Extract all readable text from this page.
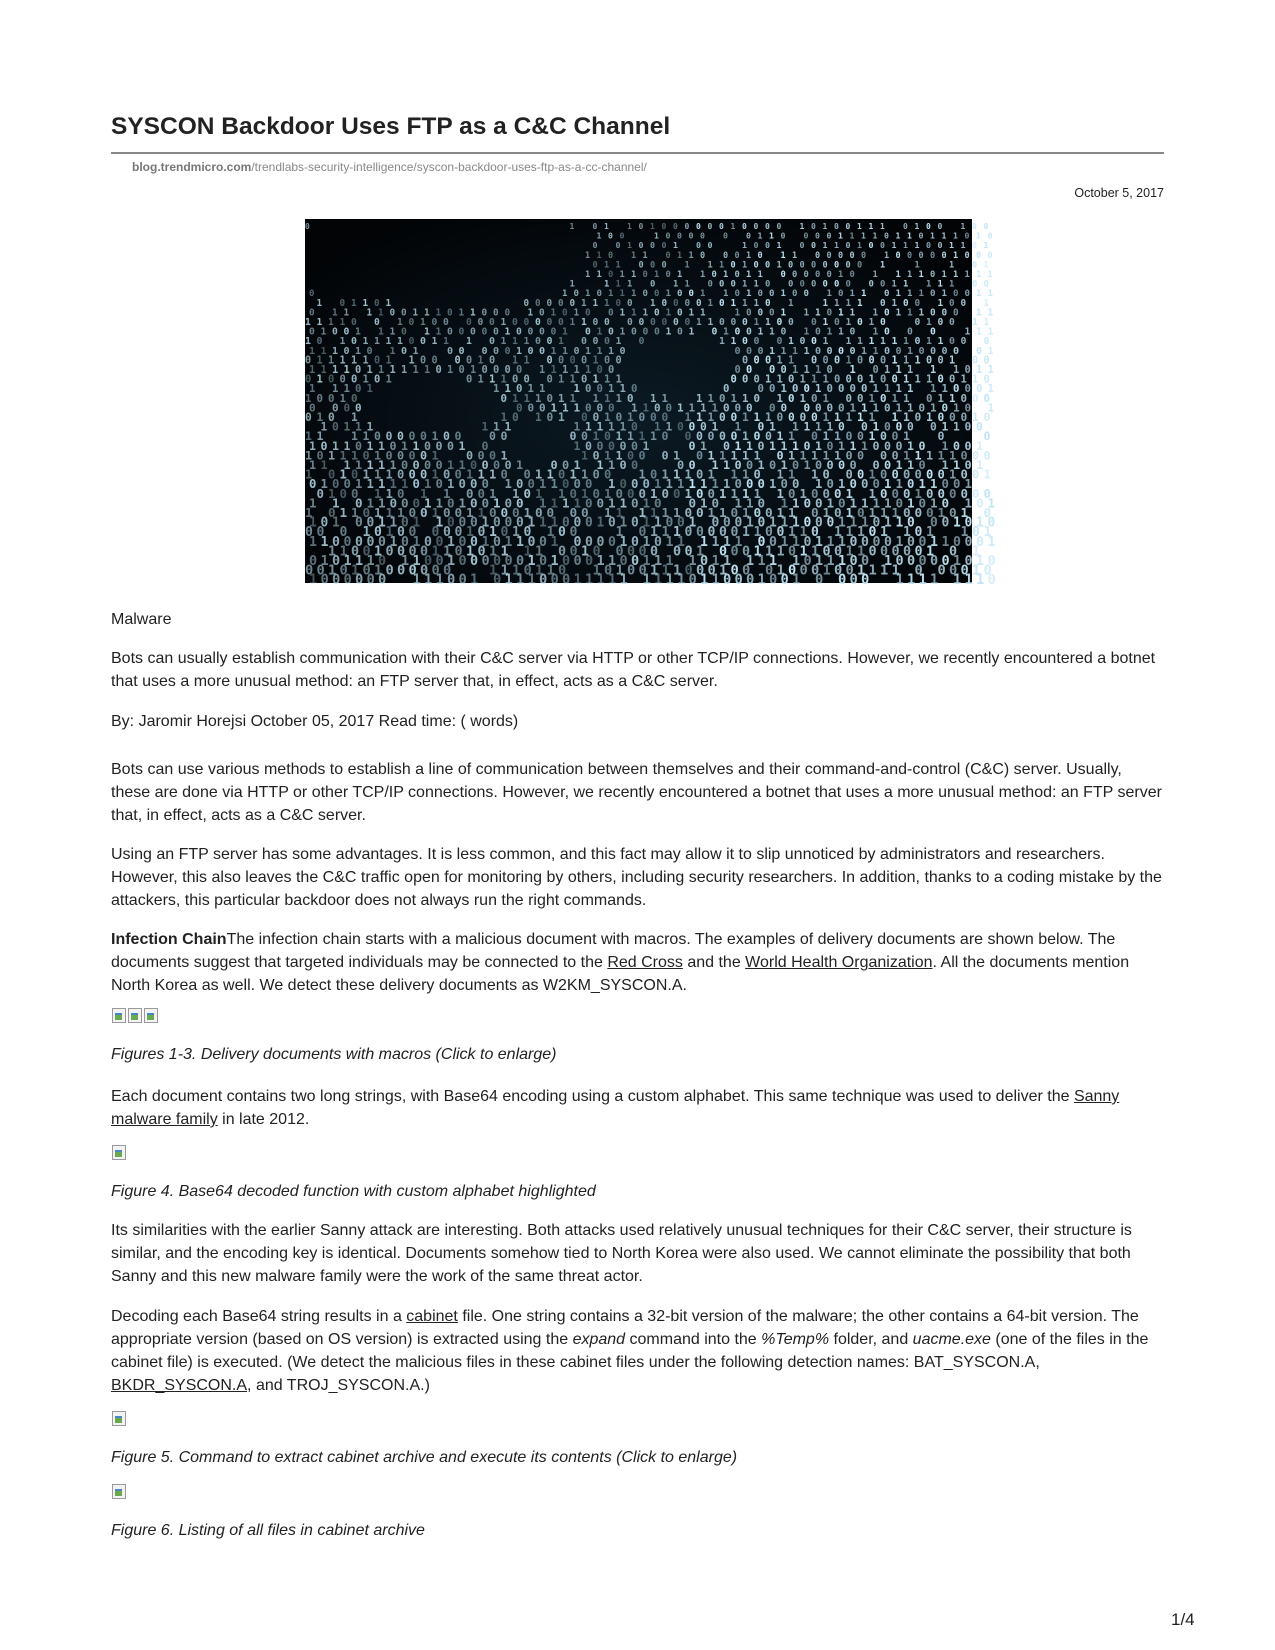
SYSCON Backdoor Uses FTP as a C&C Channel
blog.trendmicro.com/trendlabs-security-intelligence/syscon-backdoor-uses-ftp-as-a-cc-channel/
October 5, 2017
0	1 0 1 1 0 1 0 0 0 0 0 0 1 0 0 0 0 1 0 1 0 0 1 1 1 0 1 0 0 1 0 0
1 0 0	1 0 0 0 0 0 0 1 1 0 0 0 0 1 1 1 1 0 1 1 0 1 1 1 0 1 0
0 0 1 0 0 0 1 0 0	1 0 0 1 0 0 1 1 0 1 0 0 1 1 1 0 0 1 1 0 1
1 1 0 1 1 0 1 1 0 0 0 1 0 1 1 0 0 0 0 0 1 0 0 0 0 0 1 0 0 0
0 1 1 0 0 0 1 1 1 0 1 0 0 1 0 0 0 0 0 0 0 1	1	1 0 1
1 1 0 1 1 0 1 0 1 1 0 1 0 1 1 0 0 0 0 0 1 0 1 1 1 1 0 1 1 1 1 1
1	1 1 1 0 1 1 0 0 0 1 1 0 0 0 0 0 0 0 0 0 1 1 1 1 1 0 0
0	1 0 1 0 1 1 1 0 0 1 0 0 1 1 0 1 0 0 1 0 0 1 0 1 1 0 1 1 1 0 1 0 0 1 1
1 0 1 1 0 1	0 0 0 0 0 1 1 1 0 0 1 0 0 0 0 1 0 1 1 1 0 1	1 1 1 1 0 1 0 0 1 0 0 1
0 1 1 1 1 0 0 1 1 1 0 1 1 0 0 0 1 0 1 0 1 0 0 1 1 1 0 1 0 1 1	1 0 0 0 1 1 1 0 1 1 1 0 1 1 1 0 0 0 1 1
1 1 1 1 0 0 1 0 1 0 0 0 0 0 1 0 0 0 0 0 1 1 0 0 0 0 0 0 0 0 1 1 0 0 0 1 1 0 0 0 1 0 1 0 1 0	0 1 0 0 1 1
0 1 0 0 1 1 1 0 1 1 0 0 0 0 0 1 0 0 0 0 1 0 1 0 1 0 0 0 1 0 1 0 1 0 0 1 1 0 1 0 1 1 0 1 0 0 0	1 1 1
1 0 1 0 1 1 1 1 0 0 1 1 1 0 1 1 1 0 0 1 0 0 0 1 0	1 1 0 0 0 1 0 0 1 1 1 1 1 1 1 0 1 1 0 0 0
1 1 1 0 1 0 1 0 1	0 0 0 0 0 1 0 0 1 1 0 1 1 1 0	0 0 0 1 1 1 1 0 0 0 0 1 1 0 0 1 0 0 0 0 0 1
0 1 1 1 1 1 0 1 1 0 0 0 0 1 0 1 1 0 0 0 0 1 0 0	0 0 0 1 1 0 0 0 1 0 0 0 1 1 1 0 0 1 0 0
1 1 1 1 0 1 1 1 1 1 1 0 1 0 1 0 0 0 0 1 1 1 1 1 0 0	0 0 0 0 1 1 1 0 1 0 1 1 1 1 1 0 1 1
0 1 0 0 0 1 0 1	0 1 1 1 0 0 0 1 1 0 1 1 1	0 0 0 1 1 0 1 1 1 0 0 0 1 0 0 1 1 1 0 0 1 1 0
1 1 1 0 1	1 1 0 1 1	1 0 0 1 1 0	0	0 0 1 0 0 1 0 0 0 0 1 1 1 1 1 1 0 0 0 1
1 0 0 1 0	0 1 1 1 0 1 1 1 1 1 0 1 1	1 1 0 1 1 0 1 0 1 0 1 0 0 1 0 1 1 0 1 1 0 0 0
0 0 0 0	0 0 0 1 1 1 0 0 0 1 1 0 0 1 1 1 1 0 0 0 0 0 0 0 0 0 1 1 1 0 1 1 0 1 0 1 0 1
0 1 0 1	1 0 1 0 1 0 0 1 0 1 0 0 0 1 1 1 0 0 1 1 1 0 0 0 0 1 1 1 1 1 1 1 0 1 0 0 0 1 0
1 0 1 1 1	1 1 1	1 1 1 1 1 0 1 1 0 0 0 1 1 0 1 1 1 1 1 0 0 1 0 0 0 0 1 1 0 0
1 1 1 1 0 0 0 0 0 1 0 0 0 0	0 0 1 0 1 1 1 1 0 0 0 0 0 0 1 0 0 1 1 0 1 1 0 0 1 0 0 1 0	0
1 0 1 1 0 1 1 0 1 1 0 0 0 1 0	1 0 0 0 0 0 1	0 1 0 1 1 0 1 1 1 0 1 0 1 1 1 0 0 0 1 0 1 0 0 1
1 0 1 1 1 0 1 0 0 0 0 1 0 0 0 1	1 0 1 1 0 0 0 1 0 1 1 1 1 1 0 1 1 1 1 1 0 0 0 0 1 1 1 1 1 0 0 0
1 1 1 1 1 1 1 0 0 0 0 1 1 0 0 0 0 1 0 0 1 1 1 0 0	0 0 1 1 0 0 1 0 1 0 1 0 0 0 0 0 0 1 1 0 1 1 0 1
1 0 1 0 1 1 1 0 0 0 1 0 0 1 1 1 0 0 1 1 0 1 1 0 0 1 0 1 1 1 0 1 1 1 0 1 1 1 0 0 0 1 0 0 0 0 0 0 1 0 0 1
0 1 0 0 1 1 1 1 1 0 1 0 1 0 0 0 1 0 0 1 1 0 0 0 1 0 0 0 1 1 1 1 1 1 1 0 0 0 1 0 0 1 0 1 0 0 0 1 1 0 1 1 0 0 1
0 1 0 0 1 1 0 1 1 0 0 1 1 0 1 1 0 1 0 1 0 0 0 1 0 0 1 0 0 1 1 1 1 1 0 1 0 0 0 1 1 0 0 0 1 0 0 0 0 0 0
1 1 0 1 1 0 0 0 1 1 0 1 0 0 1 0 0 1 1 1 1 0 0 1 1 0 1 0 0 1 0 1 1 0 1 1 0 0 1 0 1 1 1 1 0 1 0 1 0 1 0 1
1 0 1 1 0 1 1 1 0 0 1 0 0 1 1 0 0 0 1 0 0 0 0 1 1 1 1 1 1 0 0 1 1 0 1 0 0 1 1 0 1 0 1 0 1 1 1 0 0 0 1 0 1 0
1 0 1 0 0 1 1 0 1 1 0 0 0 1 0 0 0 1 1 1 0 0 0 1 0 1 0 1 1 0 0 1 0 0 0 1 0 1 1 1 0 0 0 1 1 1 0 1 1 0 0 0 1 0 1 0
0 0 0 1 0 1 0 0 0 0 0 1 0 1 0 1 0 1 0 0	1 0 1 1 1 0 0 0 0 0 1 1 0 0 1 1 0 1 1 1 0 1 1 0 1 1 0 1
1 1 0 0 0 0 0 1 0 1 0 0 1 0 0 1 0 1 1 0 0 1 0 0 0 0 1 0 1 0 1 1 1 1 1 1 0 0 1 1 0 1 1 1 0 0 0 0 1 0 0 1 1 0 0 0 1
1 1 0 0 1 0 0 0 0 1 1 0 1 0 1 1 1 1 0 0 1 0 0 0 0 0 0 0 1 0 0 0 1 1 1 0 1 1 0 0 1 1 0 0 0 0 0 1 0 1
0 1 0 1 1 1 0 1 1 0 0 1 0 0 0 0 0 0 1 0 1 0 0 0 1 1 0 0 1 1 1 1 0 1 1 1 1 1 1 0 1 1 1 0 0 1 0 0 0 0 0 1 0 1 0
0 0 1 0 1 0 1 0 0 0 0 0 0	1 1 1 0 1 1 0 1 0 1 0 0 1 1 1 0 0 0 1 0 0 0 1 0 0 0 1 0 0 1 1 1 1 0 0 0 0 1 0
1 0 0 0 0 0 0 1 1 1 0 0 1 0 1 1 1 0 0 0 1 1 1 1 1 1 1 1 1 0 1 1 0 0 0 1 0 0 1 0 0 0 0 1 1 1 1 1 1 1 0
Malware

Bots can usually establish communication with their C&C server via HTTP or other TCP/IP connections. However, we recently encountered a botnet that uses a more unusual method: an FTP server that, in effect, acts as a C&C server.

By: Jaromir Horejsi October 05, 2017 Read time: ( words)

Bots can use various methods to establish a line of communication between themselves and their command-and-control (C&C) server. Usually, these are done via HTTP or other TCP/IP connections. However, we recently encountered a botnet that uses a more unusual method: an FTP server that, in effect, acts as a C&C server.

Using an FTP server has some advantages. It is less common, and this fact may allow it to slip unnoticed by administrators and researchers. However, this also leaves the C&C traffic open for monitoring by others, including security researchers. In addition, thanks to a coding mistake by the attackers, this particular backdoor does not always run the right commands.

Infection ChainThe infection chain starts with a malicious document with macros. The examples of delivery documents are shown below. The documents suggest that targeted individuals may be connected to the Red Cross and the World Health Organization. All the documents mention North Korea as well. We detect these delivery documents as W2KM_SYSCON.A.

Figures 1-3. Delivery documents with macros (Click to enlarge)

Each document contains two long strings, with Base64 encoding using a custom alphabet. This same technique was used to deliver the Sanny malware family in late 2012.

Figure 4. Base64 decoded function with custom alphabet highlighted

Its similarities with the earlier Sanny attack are interesting. Both attacks used relatively unusual techniques for their C&C server, their structure is similar, and the encoding key is identical. Documents somehow tied to North Korea were also used. We cannot eliminate the possibility that both Sanny and this new malware family were the work of the same threat actor.

Decoding each Base64 string results in a cabinet file. One string contains a 32-bit version of the malware; the other contains a 64-bit version. The appropriate version (based on OS version) is extracted using the expand command into the %Temp% folder, and uacme.exe (one of the files in the cabinet file) is executed. (We detect the malicious files in these cabinet files under the following detection names: BAT_SYSCON.A, BKDR_SYSCON.A, and TROJ_SYSCON.A.)

Figure 5. Command to extract cabinet archive and execute its contents (Click to enlarge)
Figure 6. Listing of all files in cabinet archive
1/4
